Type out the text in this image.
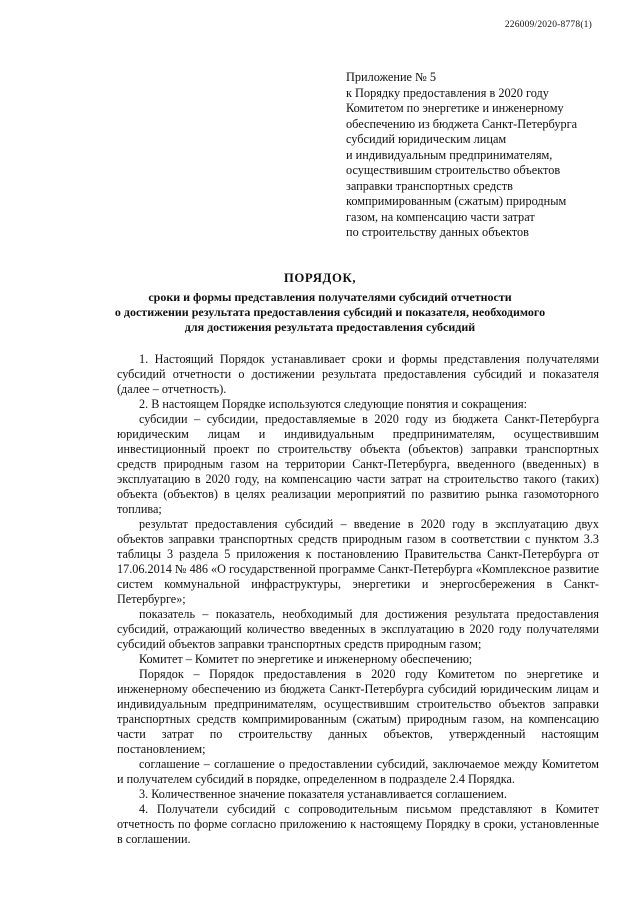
226009/2020-8778(1)
Приложение № 5
к Порядку предоставления в 2020 году
Комитетом по энергетике и инженерному
обеспечению из бюджета Санкт-Петербурга
субсидий юридическим лицам
и индивидуальным предпринимателям,
осуществившим строительство объектов
заправки транспортных средств
компримированным (сжатым) природным
газом, на компенсацию части затрат
по строительству данных объектов
ПОРЯДОК,
сроки и формы представления получателями субсидий отчетности
о достижении результата предоставления субсидий и показателя, необходимого
для достижения результата предоставления субсидий

1. Настоящий Порядок устанавливает сроки и формы представления получателями субсидий отчетности о достижении результата предоставления субсидий и показателя (далее – отчетность).

2. В настоящем Порядке используются следующие понятия и сокращения:

субсидии – субсидии, предоставляемые в 2020 году из бюджета Санкт-Петербурга юридическим лицам и индивидуальным предпринимателям, осуществившим инвестиционный проект по строительству объекта (объектов) заправки транспортных средств природным газом на территории Санкт-Петербурга, введенного (введенных) в эксплуатацию в 2020 году, на компенсацию части затрат на строительство такого (таких) объекта (объектов) в целях реализации мероприятий по развитию рынка газомоторного топлива;

результат предоставления субсидий – введение в 2020 году в эксплуатацию двух объектов заправки транспортных средств природным газом в соответствии с пунктом 3.3 таблицы 3 раздела 5 приложения к постановлению Правительства Санкт-Петербурга от 17.06.2014 № 486 «О государственной программе Санкт-Петербурга «Комплексное развитие систем коммунальной инфраструктуры, энергетики и энергосбережения в Санкт-Петербурге»;

показатель – показатель, необходимый для достижения результата предоставления субсидий, отражающий количество введенных в эксплуатацию в 2020 году получателями субсидий объектов заправки транспортных средств природным газом;

Комитет – Комитет по энергетике и инженерному обеспечению;

Порядок – Порядок предоставления в 2020 году Комитетом по энергетике и инженерному обеспечению из бюджета Санкт-Петербурга субсидий юридическим лицам и индивидуальным предпринимателям, осуществившим строительство объектов заправки транспортных средств компримированным (сжатым) природным газом, на компенсацию части затрат по строительству данных объектов, утвержденный настоящим постановлением;

соглашение – соглашение о предоставлении субсидий, заключаемое между Комитетом и получателем субсидий в порядке, определенном в подразделе 2.4 Порядка.

3. Количественное значение показателя устанавливается соглашением.

4. Получатели субсидий с сопроводительным письмом представляют в Комитет отчетность по форме согласно приложению к настоящему Порядку в сроки, установленные в соглашении.
